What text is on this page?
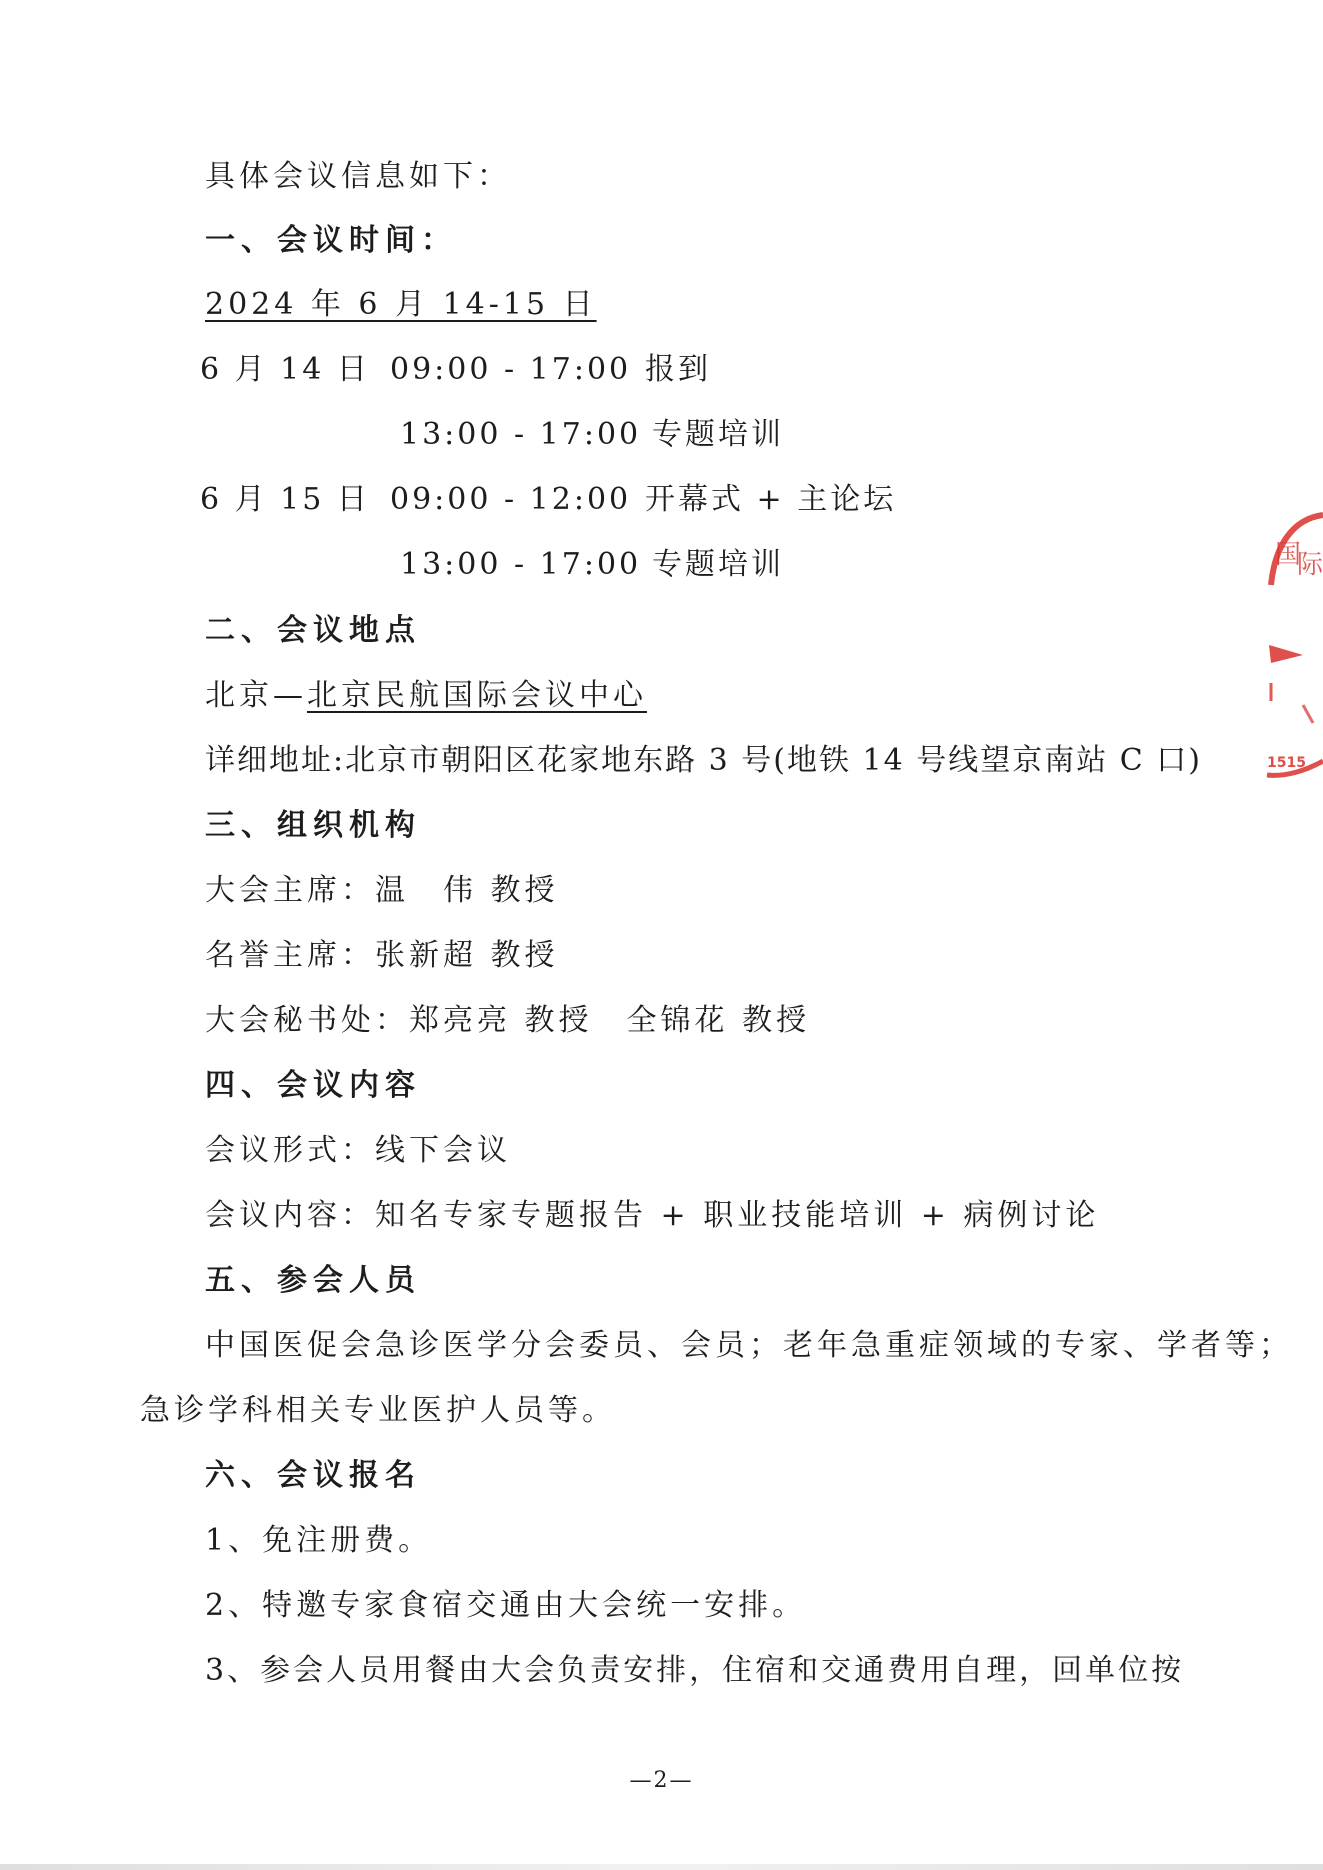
具体会议信息如下：
一、会议时间：
2024 年 6 月 14-15 日
6 月 14 日 09:00 - 17:00 报到
13:00 - 17:00 专题培训
6 月 15 日 09:00 - 12:00 开幕式 + 主论坛
13:00 - 17:00 专题培训
二、会议地点
北京—北京民航国际会议中心
详细地址:北京市朝阳区花家地东路 3 号(地铁 14 号线望京南站 C 口)
三、组织机构
大会主席：温　伟 教授
名誉主席：张新超 教授
大会秘书处：郑亮亮 教授　全锦花 教授
四、会议内容
会议形式：线下会议
会议内容：知名专家专题报告 + 职业技能培训 + 病例讨论
五、参会人员
中国医促会急诊医学分会委员、会员；老年急重症领域的专家、学者等；
急诊学科相关专业医护人员等。
六、会议报名
1、免注册费。
2、特邀专家食宿交通由大会统一安排。
3、参会人员用餐由大会负责安排，住宿和交通费用自理，回单位按
—2—
国
际
1515
